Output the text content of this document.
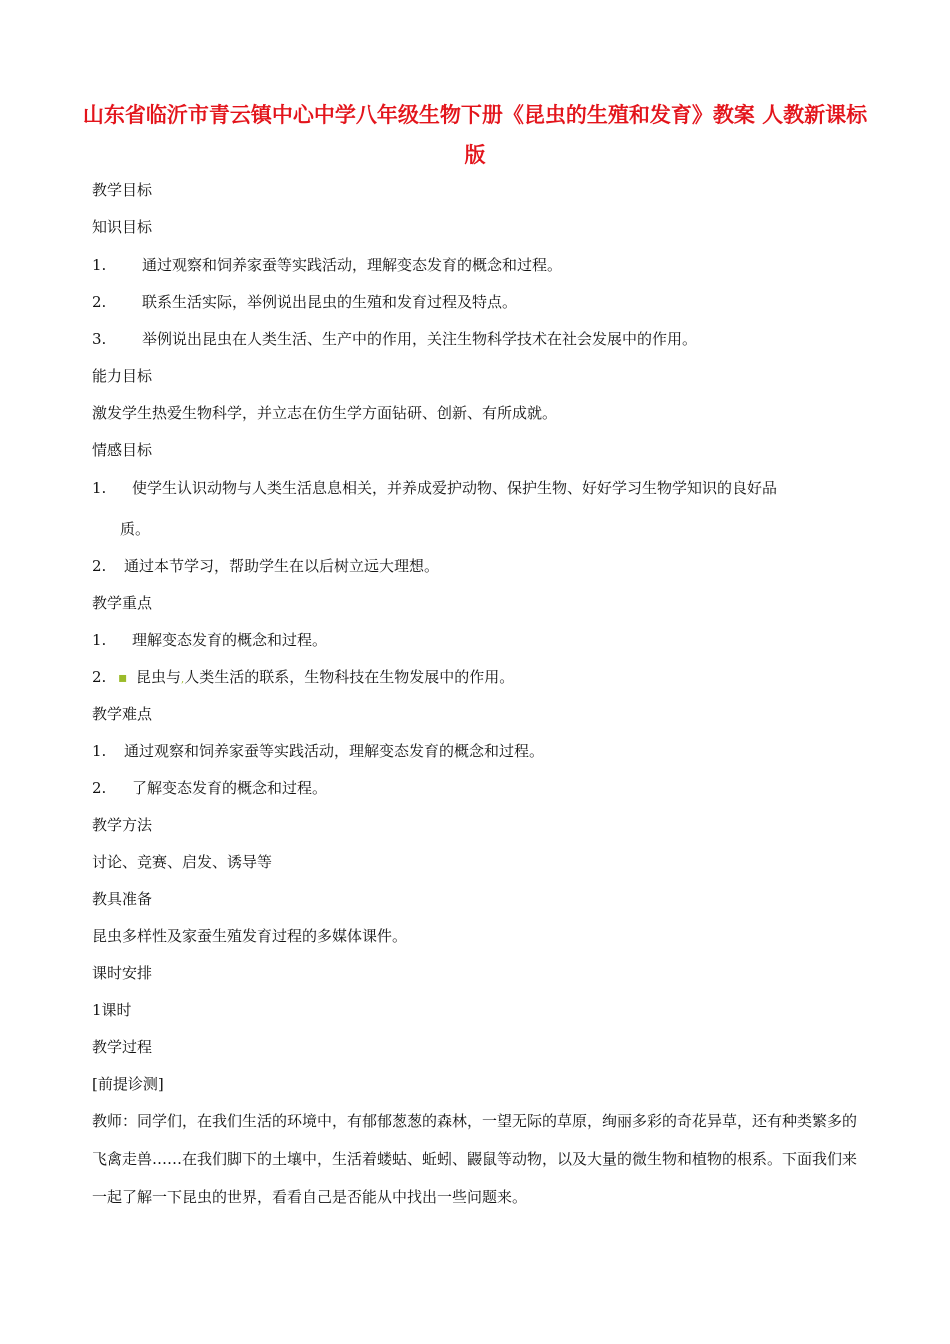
山东省临沂市青云镇中心中学八年级生物下册《昆虫的生殖和发育》教案 人教新课标版
教学目标
知识目标
1. 通过观察和饲养家蚕等实践活动，理解变态发育的概念和过程。
2. 联系生活实际，举例说出昆虫的生殖和发育过程及特点。
3. 举例说出昆虫在人类生活、生产中的作用，关注生物科学技术在社会发展中的作用。
能力目标
激发学生热爱生物科学，并立志在仿生学方面钻研、创新、有所成就。
情感目标
1. 使学生认识动物与人类生活息息相关，并养成爱护动物、保护生物、好好学习生物学知识的良好品
质。
2. 通过本节学习，帮助学生在以后树立远大理想。
教学重点
1. 理解变态发育的概念和过程。
2. ▪ 昆虫与,人类生活的联系，生物科技在生物发展中的作用。
教学难点
1. 通过观察和饲养家蚕等实践活动，理解变态发育的概念和过程。
2. 了解变态发育的概念和过程。
教学方法
讨论、竞赛、启发、诱导等
教具准备
昆虫多样性及家蚕生殖发育过程的多媒体课件。
课时安排
1课时
教学过程
[前提诊测]
教师：同学们，在我们生活的环境中，有郁郁葱葱的森林，一望无际的草原，绚丽多彩的奇花异草，还有种类繁多的飞禽走兽……在我们脚下的土壤中，生活着蝼蛄、蚯蚓、鼹鼠等动物，以及大量的微生物和植物的根系。下面我们来一起了解一下昆虫的世界，看看自己是否能从中找出一些问题来。
